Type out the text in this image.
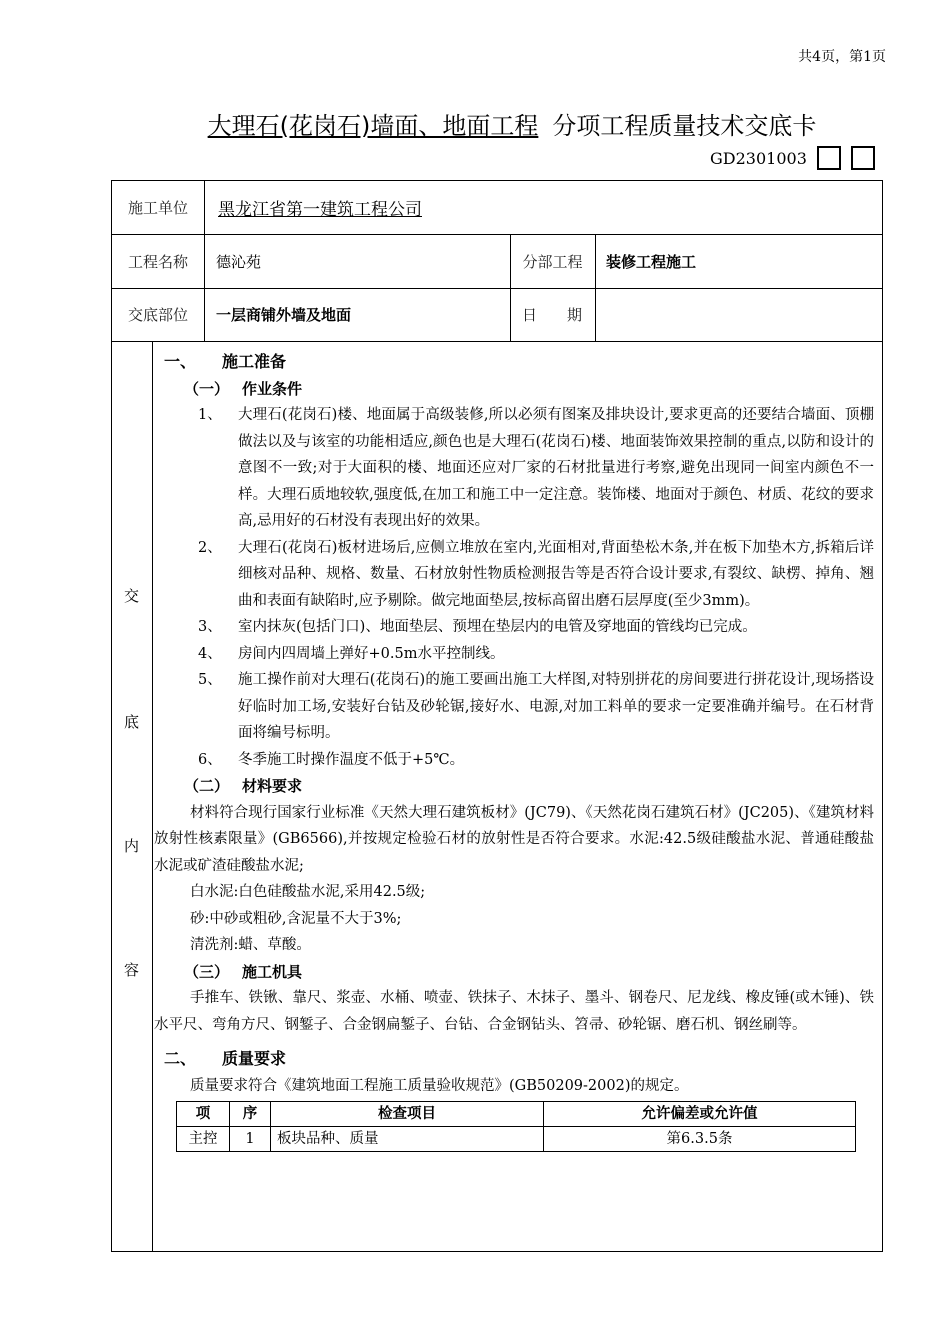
共4页，第1页
大理石(花岗石)墙面、地面工程 分项工程质量技术交底卡
GD2301003
施工单位	黑龙江省第一建筑工程公司
工程名称	德沁苑	分部工程	装修工程施工
交底部位	一层商铺外墙及地面	日　　期
交
底
内
容
一、 施工准备
（一） 作业条件
1、	大理石(花岗石)楼、地面属于高级装修,所以必须有图案及排块设计,要求更高的还要结合墙面、顶棚做法以及与该室的功能相适应,颜色也是大理石(花岗石)楼、地面装饰效果控制的重点,以防和设计的意图不一致;对于大面积的楼、地面还应对厂家的石材批量进行考察,避免出现同一间室内颜色不一样。大理石质地较软,强度低,在加工和施工中一定注意。装饰楼、地面对于颜色、材质、花纹的要求高,忌用好的石材没有表现出好的效果。
2、	大理石(花岗石)板材进场后,应侧立堆放在室内,光面相对,背面垫松木条,并在板下加垫木方,拆箱后详细核对品种、规格、数量、石材放射性物质检测报告等是否符合设计要求,有裂纹、缺楞、掉角、翘曲和表面有缺陷时,应予剔除。做完地面垫层,按标高留出磨石层厚度(至少3mm)。
3、	室内抹灰(包括门口)、地面垫层、预埋在垫层内的电管及穿地面的管线均已完成。
4、	房间内四周墙上弹好+0.5m水平控制线。
5、	施工操作前对大理石(花岗石)的施工要画出施工大样图,对特别拼花的房间要进行拼花设计,现场搭设好临时加工场,安装好台钻及砂轮锯,接好水、电源,对加工料单的要求一定要准确并编号。在石材背面将编号标明。
6、	冬季施工时操作温度不低于+5℃。
（二） 材料要求
材料符合现行国家行业标准《天然大理石建筑板材》(JC79)、《天然花岗石建筑石材》(JC205)、《建筑材料放射性核素限量》(GB6566),并按规定检验石材的放射性是否符合要求。水泥:42.5级硅酸盐水泥、普通硅酸盐水泥或矿渣硅酸盐水泥;
白水泥:白色硅酸盐水泥,采用42.5级;
砂:中砂或粗砂,含泥量不大于3%;
清洗剂:蜡、草酸。
（三） 施工机具
手推车、铁锹、靠尺、浆壶、水桶、喷壶、铁抹子、木抹子、墨斗、钢卷尺、尼龙线、橡皮锤(或木锤)、铁水平尺、弯角方尺、钢錾子、合金钢扁錾子、台钻、合金钢钻头、笤帚、砂轮锯、磨石机、钢丝刷等。
二、 质量要求
质量要求符合《建筑地面工程施工质量验收规范》(GB50209-2002)的规定。
项	序	检查项目	允许偏差或允许值
主控	1	板块品种、质量	第6.3.5条
